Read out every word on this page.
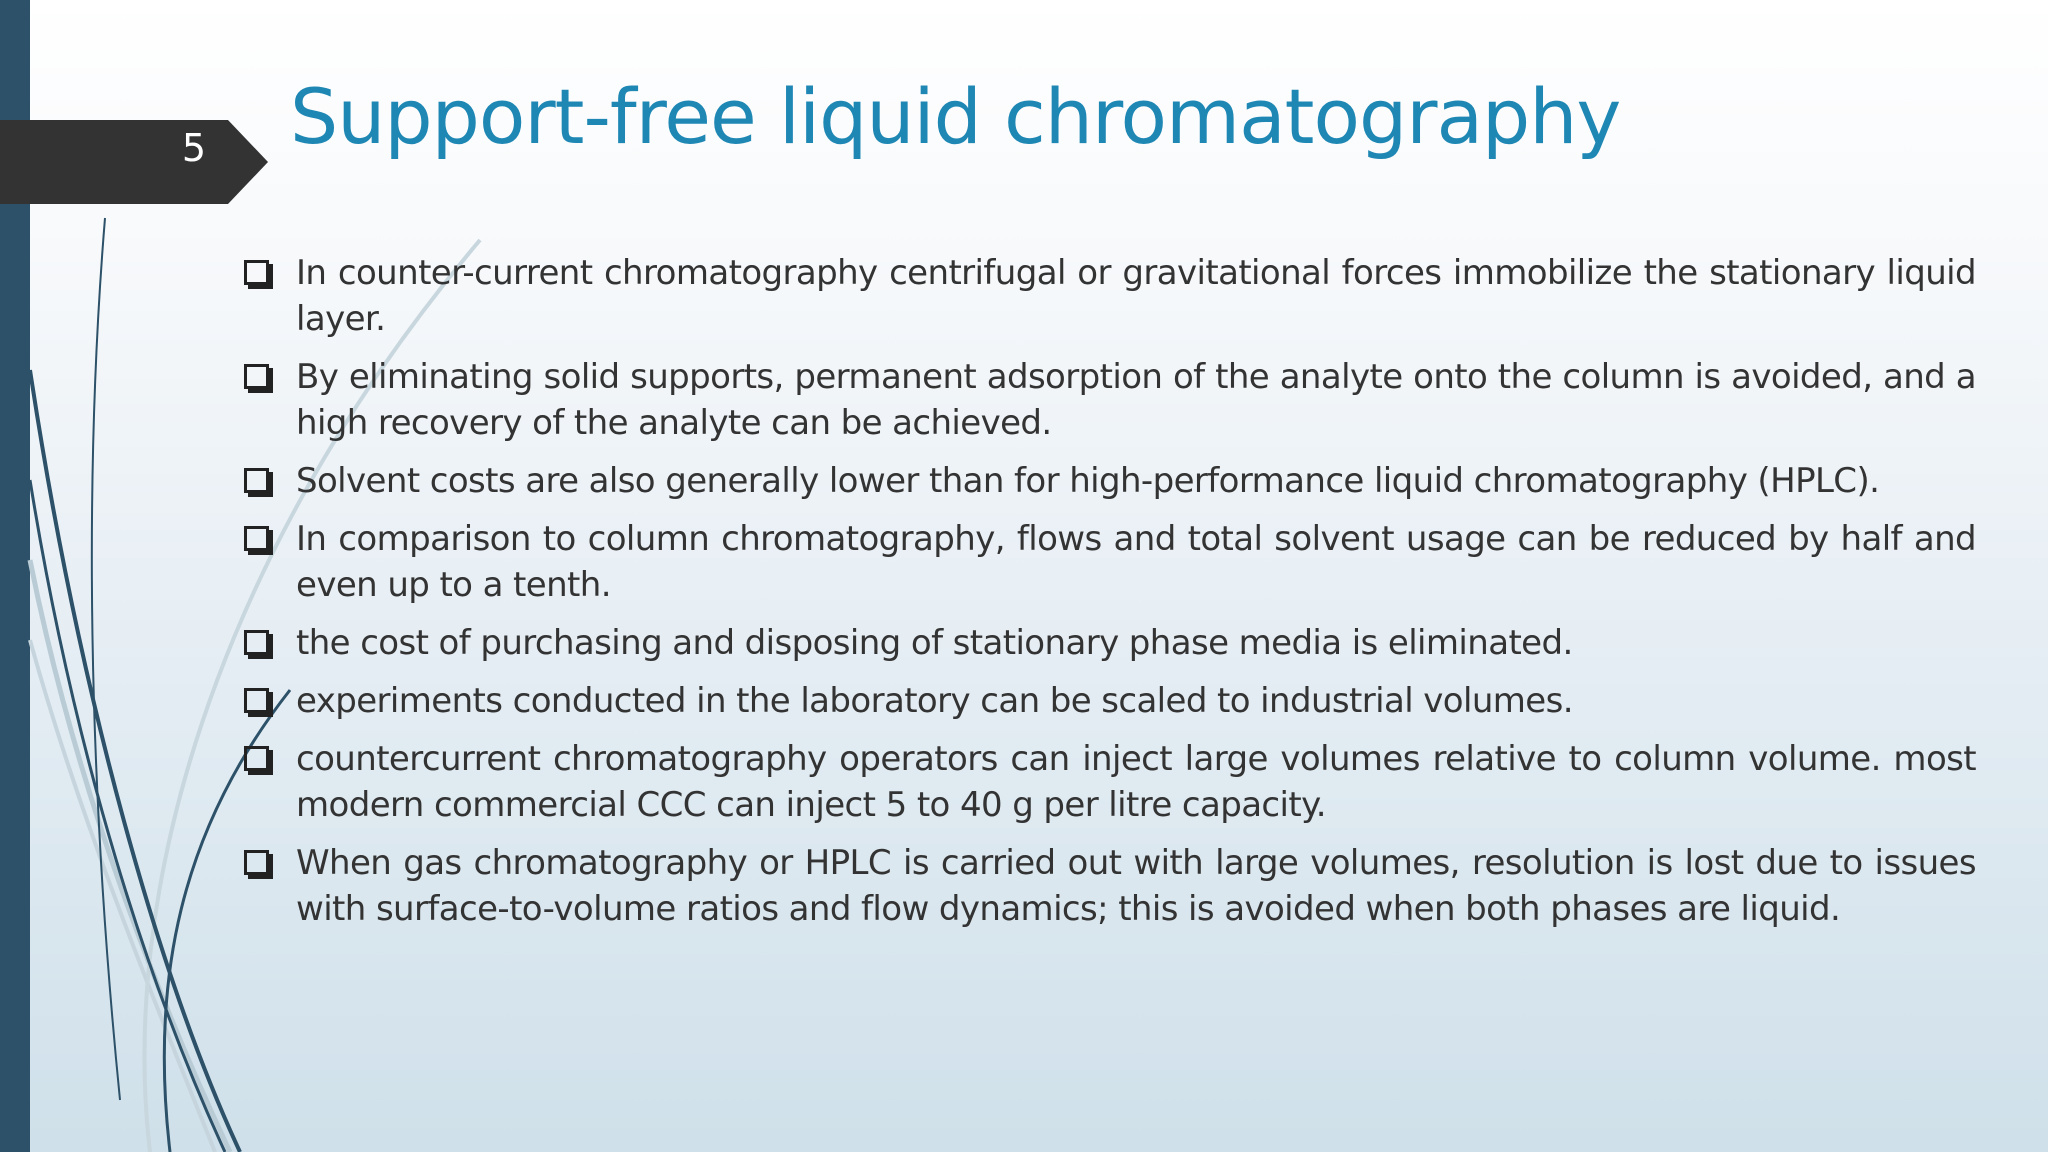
5 Support-free liquid chromatography
In counter-current chromatography centrifugal or gravitational forces immobilize the stationary liquid layer.
By eliminating solid supports, permanent adsorption of the analyte onto the column is avoided, and a high recovery of the analyte can be achieved.
Solvent costs are also generally lower than for high-performance liquid chromatography (HPLC).
In comparison to column chromatography, flows and total solvent usage can be reduced by half and even up to a tenth.
the cost of purchasing and disposing of stationary phase media is eliminated.
experiments conducted in the laboratory can be scaled to industrial volumes.
countercurrent chromatography operators can inject large volumes relative to column volume. most modern commercial CCC can inject 5 to 40 g per litre capacity.
When gas chromatography or HPLC is carried out with large volumes, resolution is lost due to issues with surface-to-volume ratios and flow dynamics; this is avoided when both phases are liquid.
